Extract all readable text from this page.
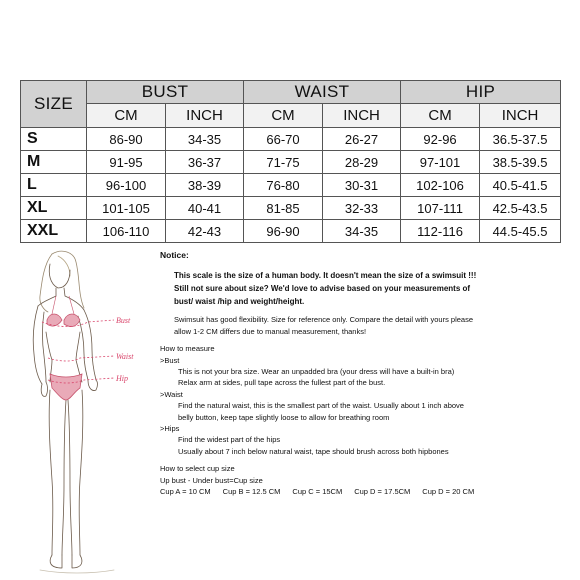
SIZE	BUST		WAIST		HIP	
	CM	INCH	CM	INCH	CM	INCH
S	86-90	34-35	66-70	26-27	92-96	36.5-37.5
M	91-95	36-37	71-75	28-29	97-101	38.5-39.5
L	96-100	38-39	76-80	30-31	102-106	40.5-41.5
XL	101-105	40-41	81-85	32-33	107-111	42.5-43.5
XXL	106-110	42-43	96-90	34-35	112-116	44.5-45.5
Bust
Waist
Hip
Notice:
This scale is the size of a human body. It doesn't mean the size of a swimsuit !!!
Still not sure about size? We'd love to advise based on your measurements of
bust/ waist /hip and weight/height.
Swimsuit has good flexibility. Size for reference only. Compare the detail with yours please
allow 1-2 CM differs due to manual measurement, thanks!
How to measure
>Bust
This is not your bra size. Wear an unpadded bra (your dress will have a built-in bra)
Relax arm at sides, pull tape across the fullest part of the bust.
>Waist
Find the natural waist, this is the smallest part of the waist. Usually about 1 inch above
belly button, keep tape slightly loose to allow for breathing room
>Hips
Find the widest part of the hips
Usually about 7 inch below natural waist, tape should brush across both hipbones
How to select cup size
Up bust - Under bust=Cup size
Cup A = 10 CM Cup B = 12.5 CM Cup C = 15CM Cup D = 17.5CM Cup D = 20 CM
